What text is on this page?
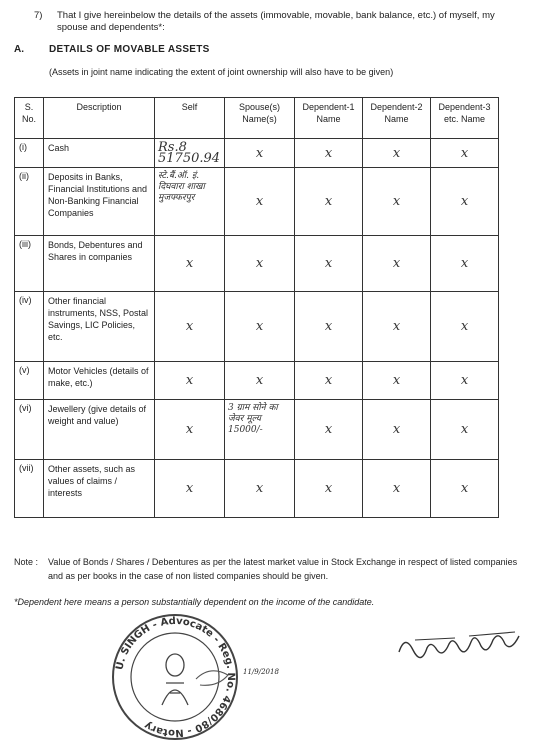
7) That I give hereinbelow the details of the assets (immovable, movable, bank balance, etc.) of myself, my spouse and dependents*:
A.	DETAILS OF MOVABLE ASSETS
(Assets in joint name indicating the extent of joint ownership will also have to be given)
S. No.	Description	Self	Spouse(s) Name(s)	Dependent-1 Name	Dependent-2 Name	Dependent-3 etc. Name
(i)	Cash	Rs.8 51750.94	x	x	x	x
(ii)	Deposits in Banks, Financial Institutions and Non-Banking Financial Companies	स्टे.बैं.ऑ. इं. दिघवारा शाखा मुजफ्फरपुर	x	x	x	x
(iii)	Bonds, Debentures and Shares in companies	x	x	x	x	x
(iv)	Other financial instruments, NSS, Postal Savings, LIC Policies, etc.	x	x	x	x	x
(v)	Motor Vehicles (details of make, etc.)	x	x	x	x	x
(vi)	Jewellery (give details of weight and value)	x	3 ग्राम सोने का जेवर मूल्य 15000/-	x	x	x
(vii)	Other assets, such as values of claims / interests	x	x	x	x	x
Note : Value of Bonds / Shares / Debentures as per the latest market value in Stock Exchange in respect of listed companies and as per books in the case of non listed companies should be given.
*Dependent here means a person substantially dependent on the income of the candidate.
U. SINGH - Advocate - Reg. No. 4680/80 - Notary
11/9/2018
